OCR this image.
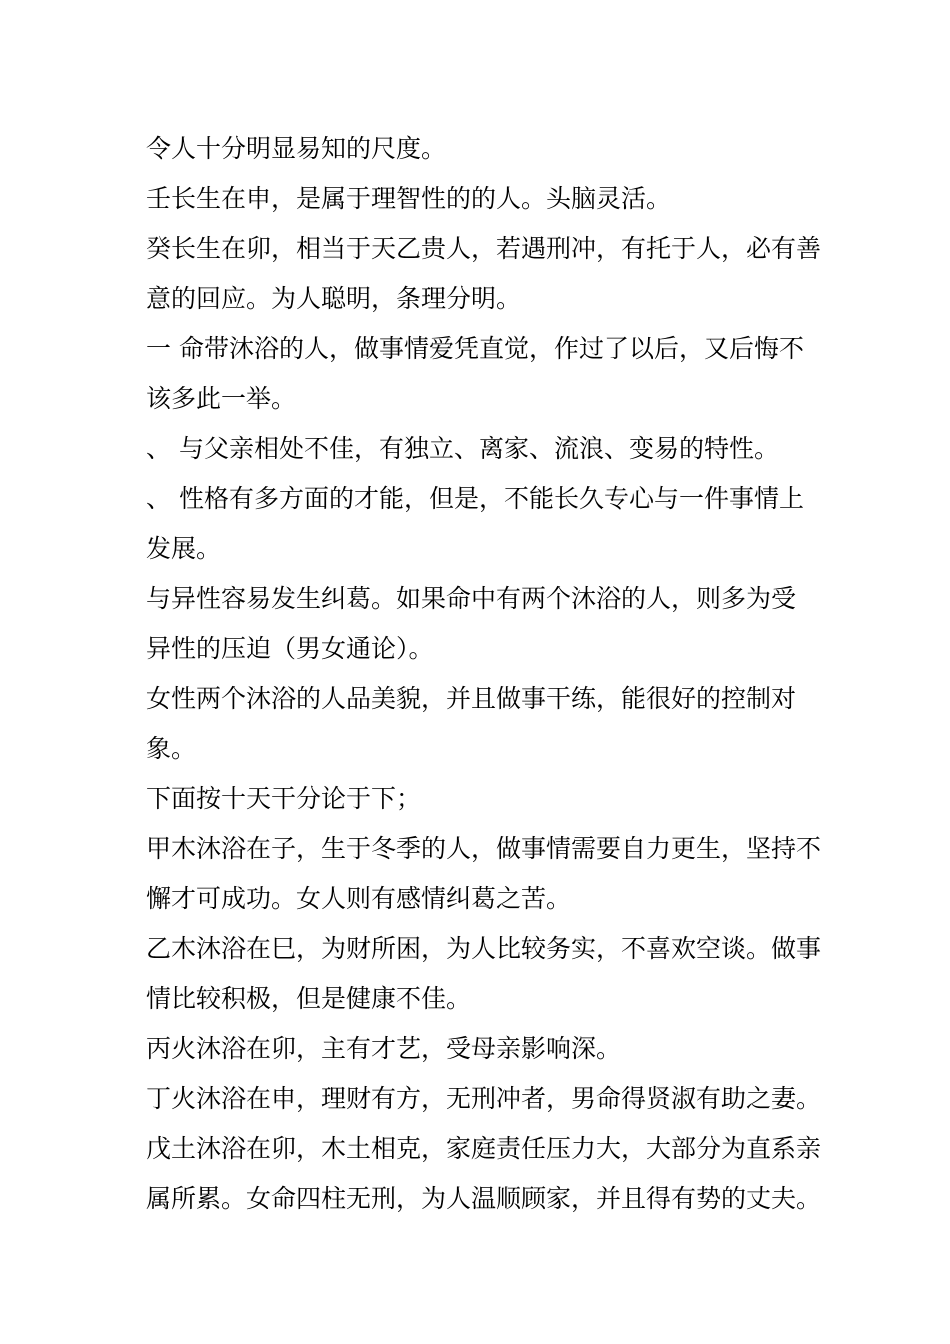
令人十分明显易知的尺度。
壬长生在申，是属于理智性的的人。头脑灵活。
癸长生在卯，相当于天乙贵人，若遇刑冲，有托于人，必有善
意的回应。为人聪明，条理分明。
一 命带沐浴的人，做事情爱凭直觉，作过了以后，又后悔不
该多此一举。
、 与父亲相处不佳，有独立、离家、流浪、变易的特性。
、 性格有多方面的才能，但是，不能长久专心与一件事情上
发展。
与异性容易发生纠葛。如果命中有两个沐浴的人，则多为受
异性的压迫（男女通论）。
女性两个沐浴的人品美貌，并且做事干练，能很好的控制对
象。
下面按十天干分论于下；
甲木沐浴在子，生于冬季的人，做事情需要自力更生，坚持不
懈才可成功。女人则有感情纠葛之苦。
乙木沐浴在巳，为财所困，为人比较务实，不喜欢空谈。做事
情比较积极，但是健康不佳。
丙火沐浴在卯，主有才艺，受母亲影响深。
丁火沐浴在申，理财有方，无刑冲者，男命得贤淑有助之妻。
戊土沐浴在卯，木土相克，家庭责任压力大，大部分为直系亲
属所累。女命四柱无刑，为人温顺顾家，并且得有势的丈夫。
